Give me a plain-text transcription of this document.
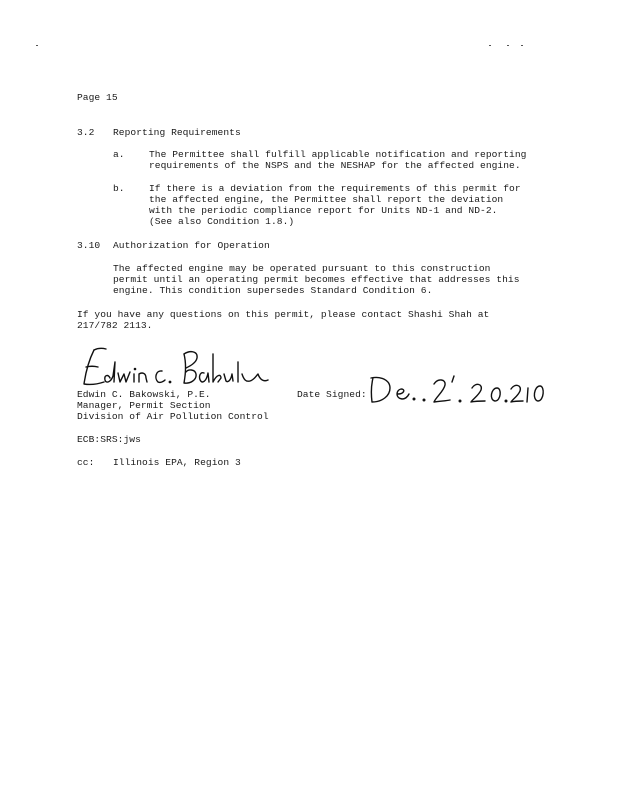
Page 15
3.2 Reporting Requirements
a.	The Permittee shall fulfill applicable notification and reporting
requirements of the NSPS and the NESHAP for the affected engine.
b.	If there is a deviation from the requirements of this permit for
the affected engine, the Permittee shall report the deviation
with the periodic compliance report for Units ND-1 and ND-2.
(See also Condition 1.8.)
3.10 Authorization for Operation
The affected engine may be operated pursuant to this construction
permit until an operating permit becomes effective that addresses this
engine. This condition supersedes Standard Condition 6.
If you have any questions on this permit, please contact Shashi Shah at
217/782 2113.
Edwin C. Bakowski, P.E.
Manager, Permit Section
Division of Air Pollution Control
Date Signed:
ECB:SRS:jws
cc: Illinois EPA, Region 3
